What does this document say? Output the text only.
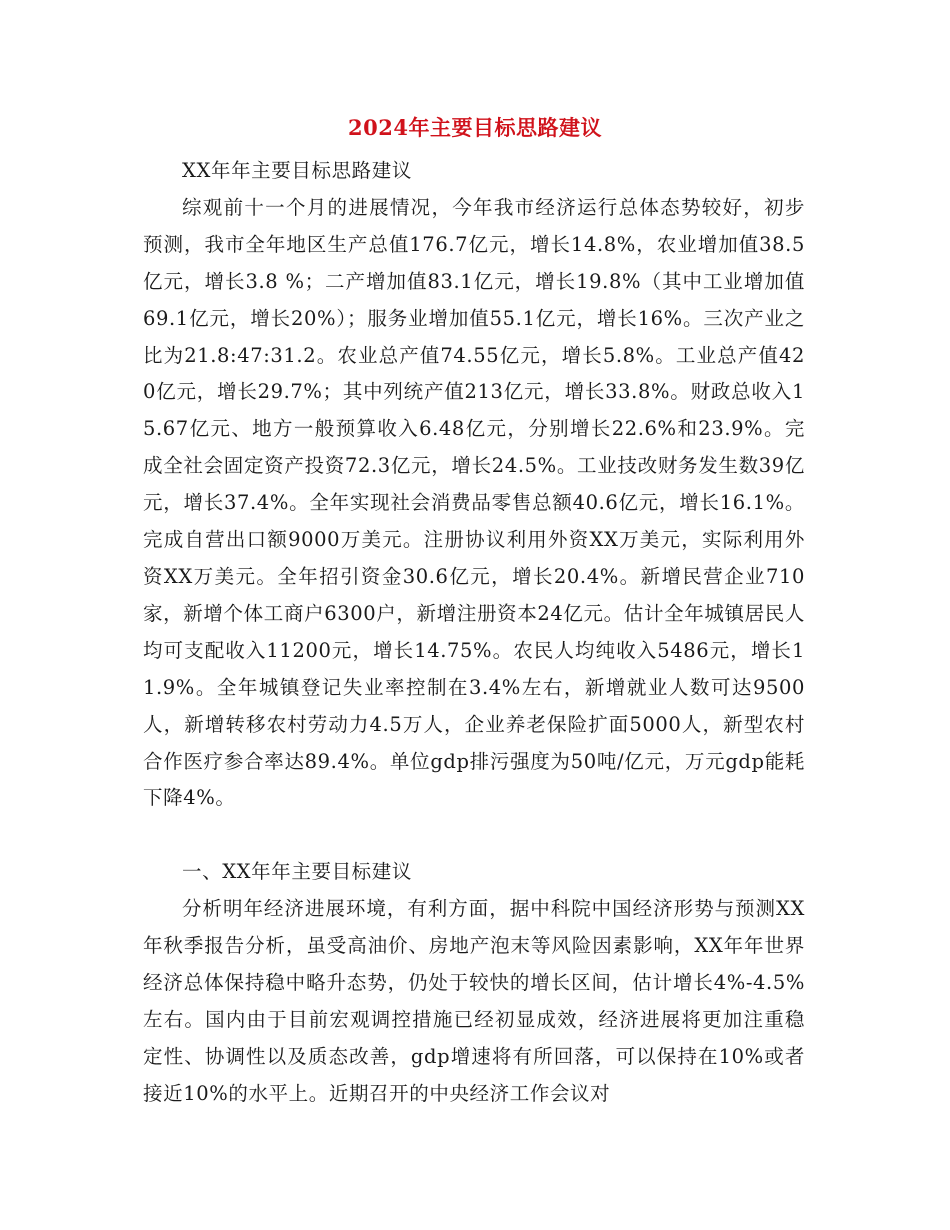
2024年主要目标思路建议

XX年年主要目标思路建议

综观前十一个月的进展情况，今年我市经济运行总体态势较好，初步预测，我市全年地区生产总值176.7亿元，增长14.8%，农业增加值38.5亿元，增长3.8 %；二产增加值83.1亿元，增长19.8%（其中工业增加值69.1亿元，增长20%）；服务业增加值55.1亿元，增长16%。三次产业之比为21.8:47:31.2。农业总产值74.55亿元，增长5.8%。工业总产值420亿元，增长29.7%；其中列统产值213亿元，增长33.8%。财政总收入15.67亿元、地方一般预算收入6.48亿元，分别增长22.6%和23.9%。完成全社会固定资产投资72.3亿元，增长24.5%。工业技改财务发生数39亿元，增长37.4%。全年实现社会消费品零售总额40.6亿元，增长16.1%。完成自营出口额9000万美元。注册协议利用外资XX万美元，实际利用外资XX万美元。全年招引资金30.6亿元，增长20.4%。新增民营企业710家，新增个体工商户6300户，新增注册资本24亿元。估计全年城镇居民人均可支配收入11200元，增长14.75%。农民人均纯收入5486元，增长11.9%。全年城镇登记失业率控制在3.4%左右，新增就业人数可达9500人，新增转移农村劳动力4.5万人，企业养老保险扩面5000人，新型农村合作医疗参合率达89.4%。单位gdp排污强度为50吨/亿元，万元gdp能耗下降4%。

一、XX年年主要目标建议

分析明年经济进展环境，有利方面，据中科院中国经济形势与预测XX年秋季报告分析，虽受高油价、房地产泡末等风险因素影响，XX年年世界经济总体保持稳中略升态势，仍处于较快的增长区间，估计增长4%-4.5%左右。国内由于目前宏观调控措施已经初显成效，经济进展将更加注重稳定性、协调性以及质态改善，gdp增速将有所回落，可以保持在10%或者接近10%的水平上。近期召开的中央经济工作会议对
